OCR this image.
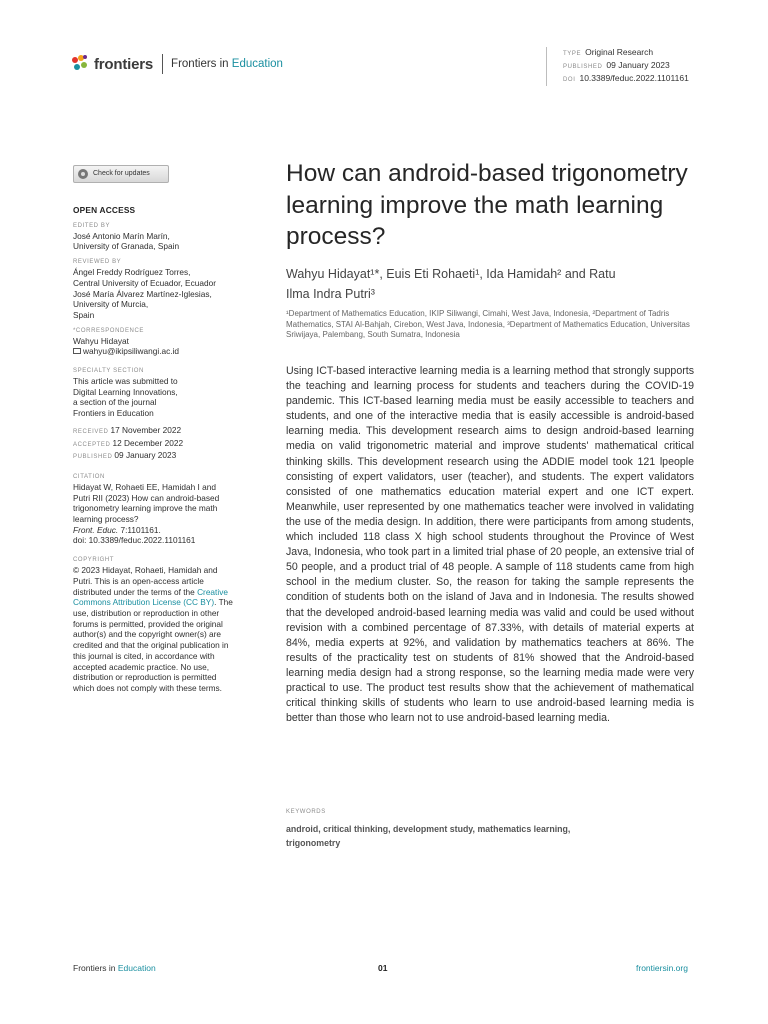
frontiers Frontiers in Education
TYPE Original Research
PUBLISHED 09 January 2023
DOI 10.3389/feduc.2022.1101161
Check for updates
OPEN ACCESS
EDITED BY
José Antonio Marín Marín,
University of Granada, Spain
REVIEWED BY
Ángel Freddy Rodríguez Torres,
Central University of Ecuador, Ecuador
José María Álvarez Martínez-Iglesias,
University of Murcia,
Spain
*CORRESPONDENCE
Wahyu Hidayat
wahyu@ikipsiliwangi.ac.id
SPECIALTY SECTION
This article was submitted to
Digital Learning Innovations,
a section of the journal
Frontiers in Education
RECEIVED 17 November 2022
ACCEPTED 12 December 2022
PUBLISHED 09 January 2023
CITATION
Hidayat W, Rohaeti EE, Hamidah I and
Putri RII (2023) How can android-based
trigonometry learning improve the math
learning process?
Front. Educ. 7:1101161.
doi: 10.3389/feduc.2022.1101161
COPYRIGHT
© 2023 Hidayat, Rohaeti, Hamidah and
Putri. This is an open-access article
distributed under the terms of the Creative
Commons Attribution License (CC BY). The
use, distribution or reproduction in other
forums is permitted, provided the original
author(s) and the copyright owner(s) are
credited and that the original publication in
this journal is cited, in accordance with
accepted academic practice. No use,
distribution or reproduction is permitted
which does not comply with these terms.
How can android-based trigonometry learning improve the math learning process?
Wahyu Hidayat¹*, Euis Eti Rohaeti¹, Ida Hamidah² and Ratu
Ilma Indra Putri³

¹Department of Mathematics Education, IKIP Siliwangi, Cimahi, West Java, Indonesia, ²Department of Tadris Mathematics, STAI Al-Bahjah, Cirebon, West Java, Indonesia, ³Department of Mathematics Education, Universitas Sriwijaya, Palembang, South Sumatra, Indonesia

Using ICT-based interactive learning media is a learning method that strongly supports the teaching and learning process for students and teachers during the COVID-19 pandemic. This ICT-based learning media must be easily accessible to teachers and students, and one of the interactive media that is easily accessible is android-based learning media. This development research aims to design android-based learning media on valid trigonometric material and improve students' mathematical critical thinking skills. This development research using the ADDIE model took 121 lpeople consisting of expert validators, user (teacher), and students. The expert validators consisted of one mathematics education material expert and one ICT expert. Meanwhile, user represented by one mathematics teacher were involved in validating the use of the media design. In addition, there were participants from among students, which included 118 class X high school students throughout the Province of West Java, Indonesia, who took part in a limited trial phase of 20 people, an extensive trial of 50 people, and a product trial of 48 people. A sample of 118 students came from high school in the medium cluster. So, the reason for taking the sample represents the condition of students both on the island of Java and in Indonesia. The results showed that the developed android-based learning media was valid and could be used without revision with a combined percentage of 87.33%, with details of material experts at 84%, media experts at 92%, and validation by mathematics teachers at 86%. The results of the practicality test on students of 81% showed that the Android-based learning media design had a strong response, so the learning media made were very practical to use. The product test results show that the achievement of mathematical critical thinking skills of students who learn to use android-based learning media is better than those who learn not to use android-based learning media.

KEYWORDS
android, critical thinking, development study, mathematics learning,
trigonometry
Frontiers in Education	01	frontiersin.org
